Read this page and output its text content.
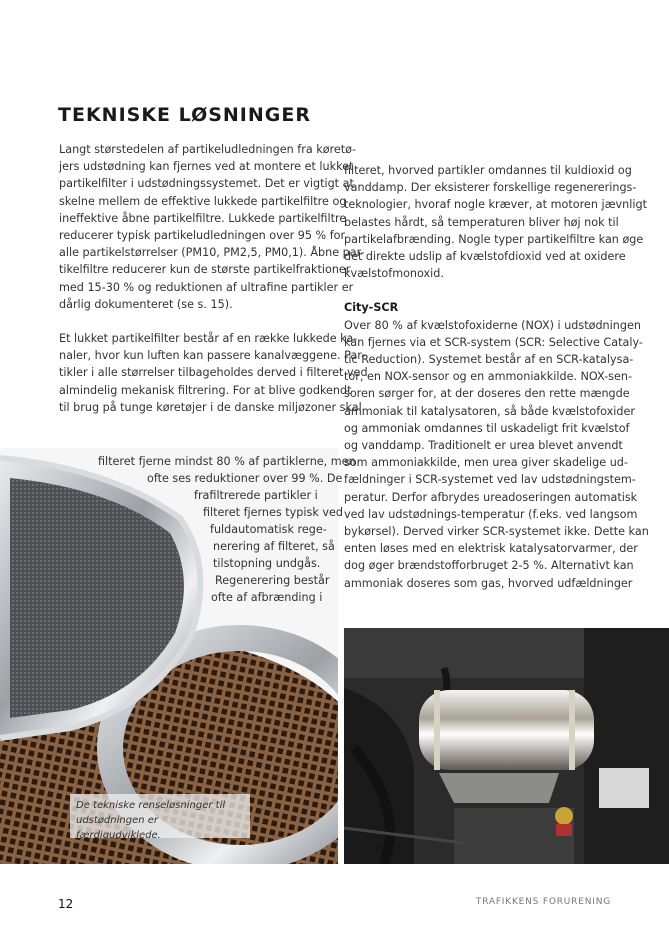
TEKNISKE LØSNINGER

Langt størstedelen af partikeludledningen fra køretø-
jers udstødning kan fjernes ved at montere et lukket
partikelfilter i udstødningssystemet. Det er vigtigt at
skelne mellem de effektive lukkede partikelfiltre og
ineffektive åbne partikelfiltre. Lukkede partikelfiltre
reducerer typisk partikeludledningen over 95 % for
alle partikelstørrelser (PM10, PM2,5, PM0,1). Åbne par-
tikelfiltre reducerer kun de største partikelfraktioner
med 15-30 % og reduktionen af ultrafine partikler er
dårlig dokumenteret (se s. 15).

Et lukket partikelfilter består af en række lukkede ka-
naler, hvor kun luften kan passere kanalvæggene. Par-
tikler i alle størrelser tilbageholdes derved i filteret ved
almindelig mekanisk filtrering. For at blive godkendt
til brug på tunge køretøjer i de danske miljøzoner skal

De tekniske renseløsninger til udstødningen er færdigudviklede.
filteret fjerne mindst 80 % af partiklerne, men
ofte ses reduktioner over 99 %. De
frafiltrerede partikler i
filteret fjernes typisk ved
fuldautomatisk rege-
nerering af filteret, så
tilstopning undgås.
Regenerering består
ofte af afbrænding i

filteret, hvorved partikler omdannes til kuldioxid og
vanddamp. Der eksisterer forskellige regenererings-
teknologier, hvoraf nogle kræver, at motoren jævnligt
belastes hårdt, så temperaturen bliver høj nok til
partikelafbrænding. Nogle typer partikelfiltre kan øge
det direkte udslip af kvælstofdioxid ved at oxidere
kvælstofmonoxid.

City-SCR

Over 80 % af kvælstofoxiderne (NOX) i udstødningen
kan fjernes via et SCR-system (SCR: Selective Cataly-
tic Reduction). Systemet består af en SCR-katalysa-
tor, en NOX-sensor og en ammoniakkilde. NOX-sen-
soren sørger for, at der doseres den rette mængde
ammoniak til katalysatoren, så både kvælstofoxider
og ammoniak omdannes til uskadeligt frit kvælstof
og vanddamp. Traditionelt er urea blevet anvendt
som ammoniakkilde, men urea giver skadelige ud-
fældninger i SCR-systemet ved lav udstødningstem-
peratur. Derfor afbrydes ureadoseringen automatisk
ved lav udstødnings-temperatur (f.eks. ved langsom
bykørsel). Derved virker SCR-systemet ikke. Dette kan
enten løses med en elektrisk katalysatorvarmer, der
dog øger brændstofforbruget 2-5 %. Alternativt kan
ammoniak doseres som gas, hvorved udfældninger

12	TRAFIKKENS FORURENING
